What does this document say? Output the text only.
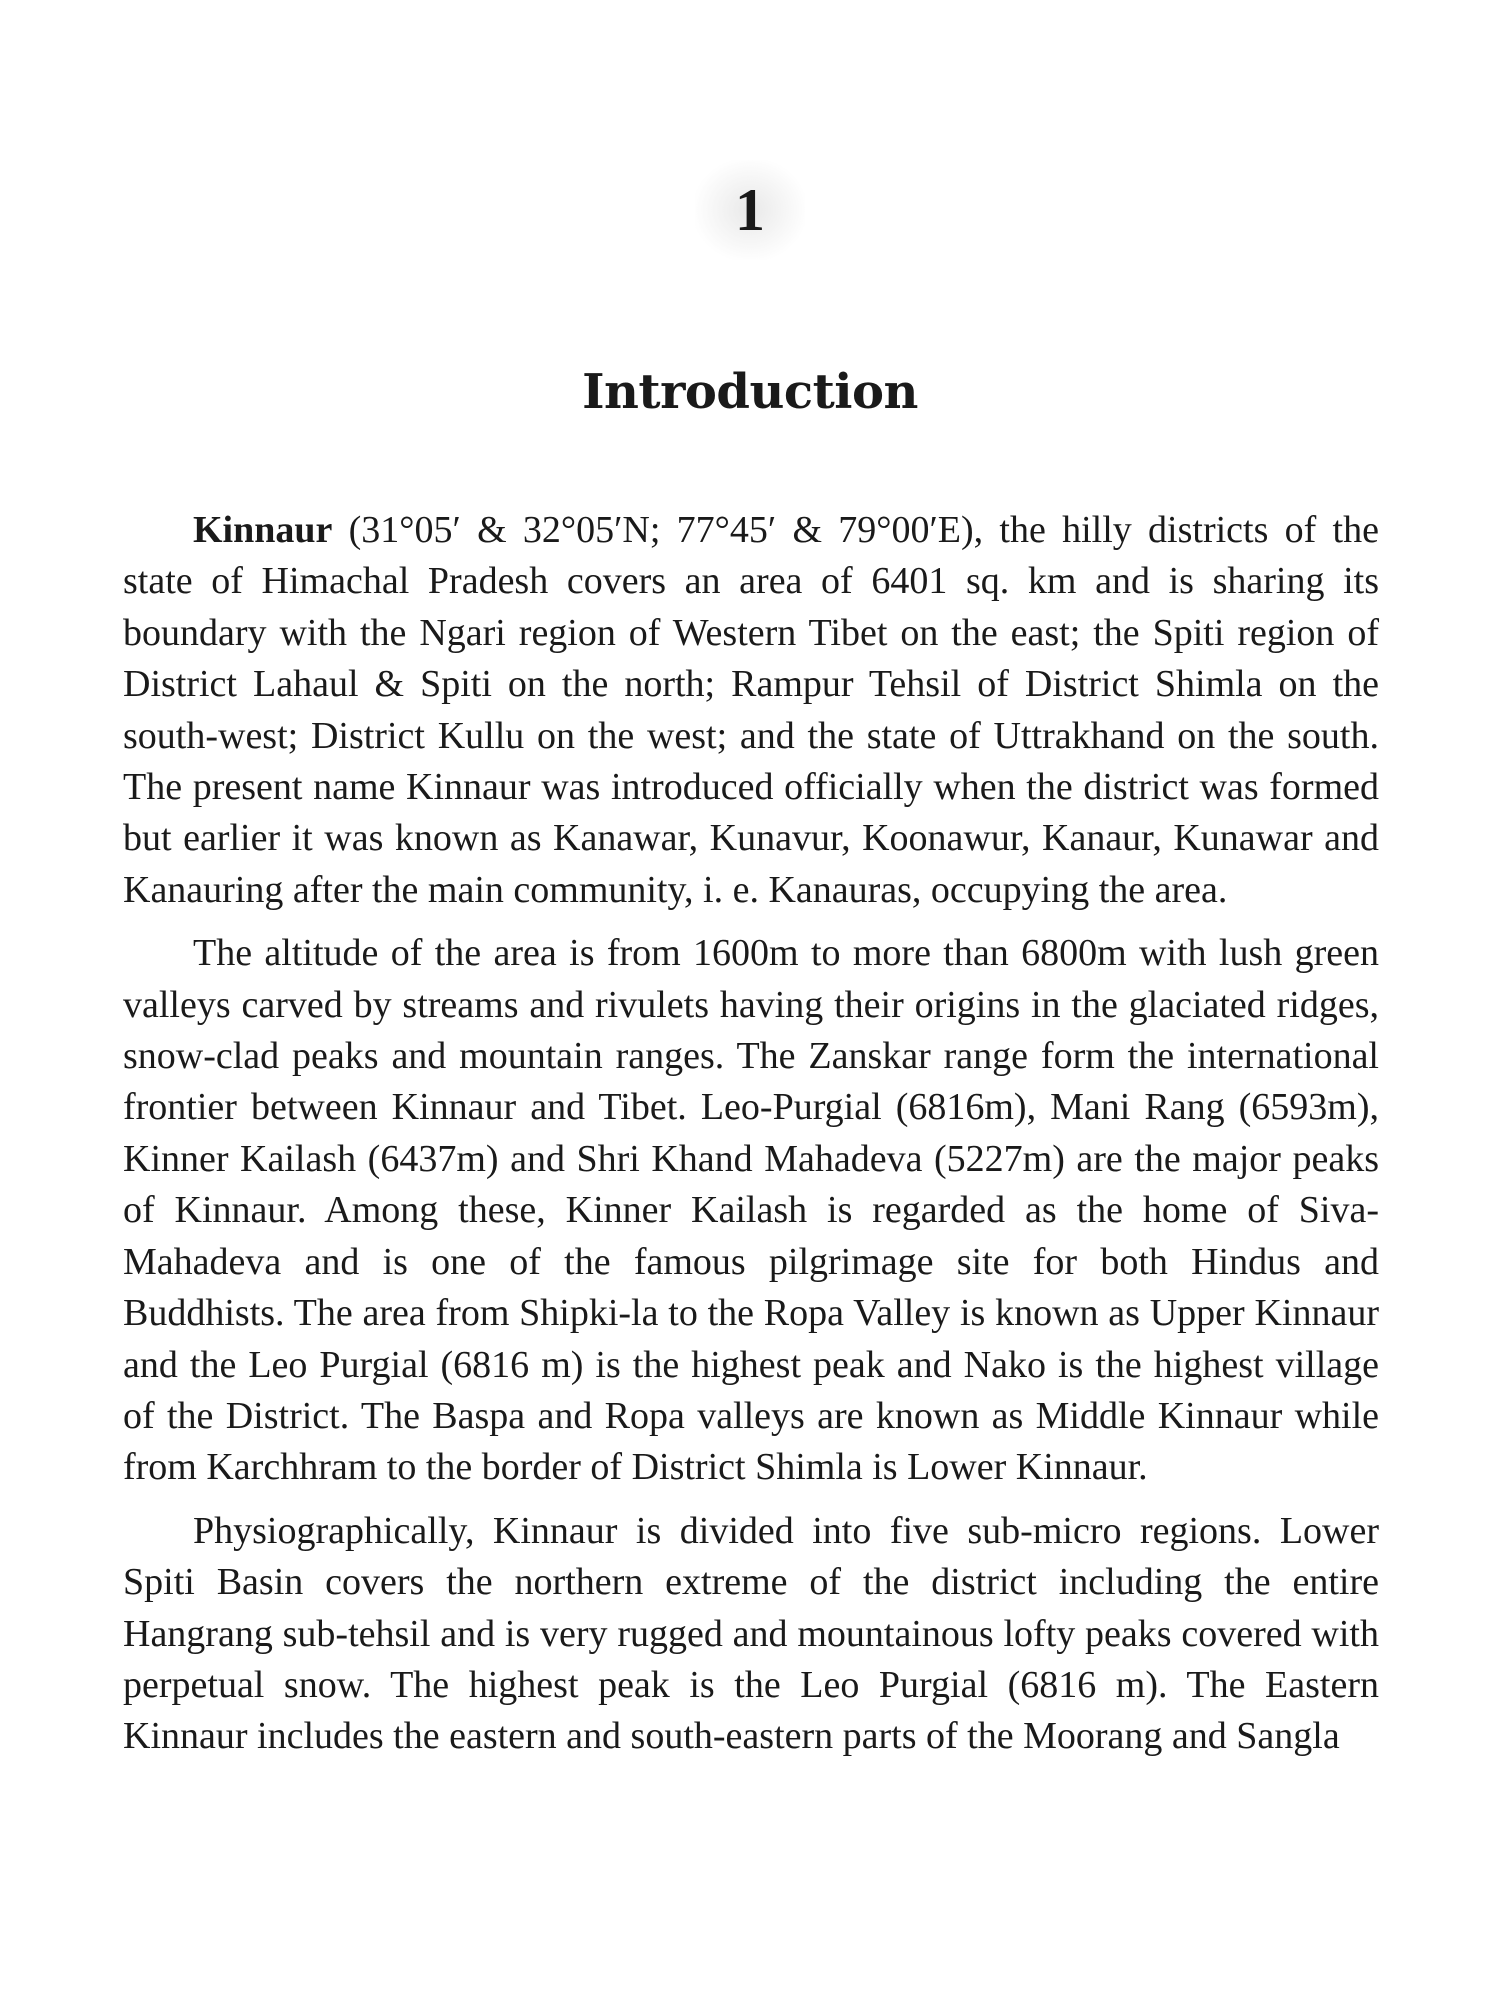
1
Introduction

Kinnaur (31°05′ & 32°05′N; 77°45′ & 79°00′E), the hilly districts of the state of Himachal Pradesh covers an area of 6401 sq. km and is sharing its boundary with the Ngari region of Western Tibet on the east; the Spiti region of District Lahaul & Spiti on the north; Rampur Tehsil of District Shimla on the south-west; District Kullu on the west; and the state of Uttrakhand on the south. The present name Kinnaur was introduced officially when the district was formed but earlier it was known as Kanawar, Kunavur, Koonawur, Kanaur, Kunawar and Kanauring after the main community, i. e. Kanauras, occupying the area.

The altitude of the area is from 1600m to more than 6800m with lush green valleys carved by streams and rivulets having their origins in the glaciated ridges, snow-clad peaks and mountain ranges. The Zanskar range form the international frontier between Kinnaur and Tibet. Leo-Purgial (6816m), Mani Rang (6593m), Kinner Kailash (6437m) and Shri Khand Mahadeva (5227m) are the major peaks of Kinnaur. Among these, Kinner Kailash is regarded as the home of Siva-Mahadeva and is one of the famous pilgrimage site for both Hindus and Buddhists. The area from Shipki-la to the Ropa Valley is known as Upper Kinnaur and the Leo Purgial (6816 m) is the highest peak and Nako is the highest village of the District. The Baspa and Ropa valleys are known as Middle Kinnaur while from Karchhram to the border of District Shimla is Lower Kinnaur.

Physiographically, Kinnaur is divided into five sub-micro regions. Lower Spiti Basin covers the northern extreme of the district including the entire Hangrang sub-tehsil and is very rugged and mountainous lofty peaks covered with perpetual snow. The highest peak is the Leo Purgial (6816 m). The Eastern Kinnaur includes the eastern and south-eastern parts of the Moorang and Sangla
